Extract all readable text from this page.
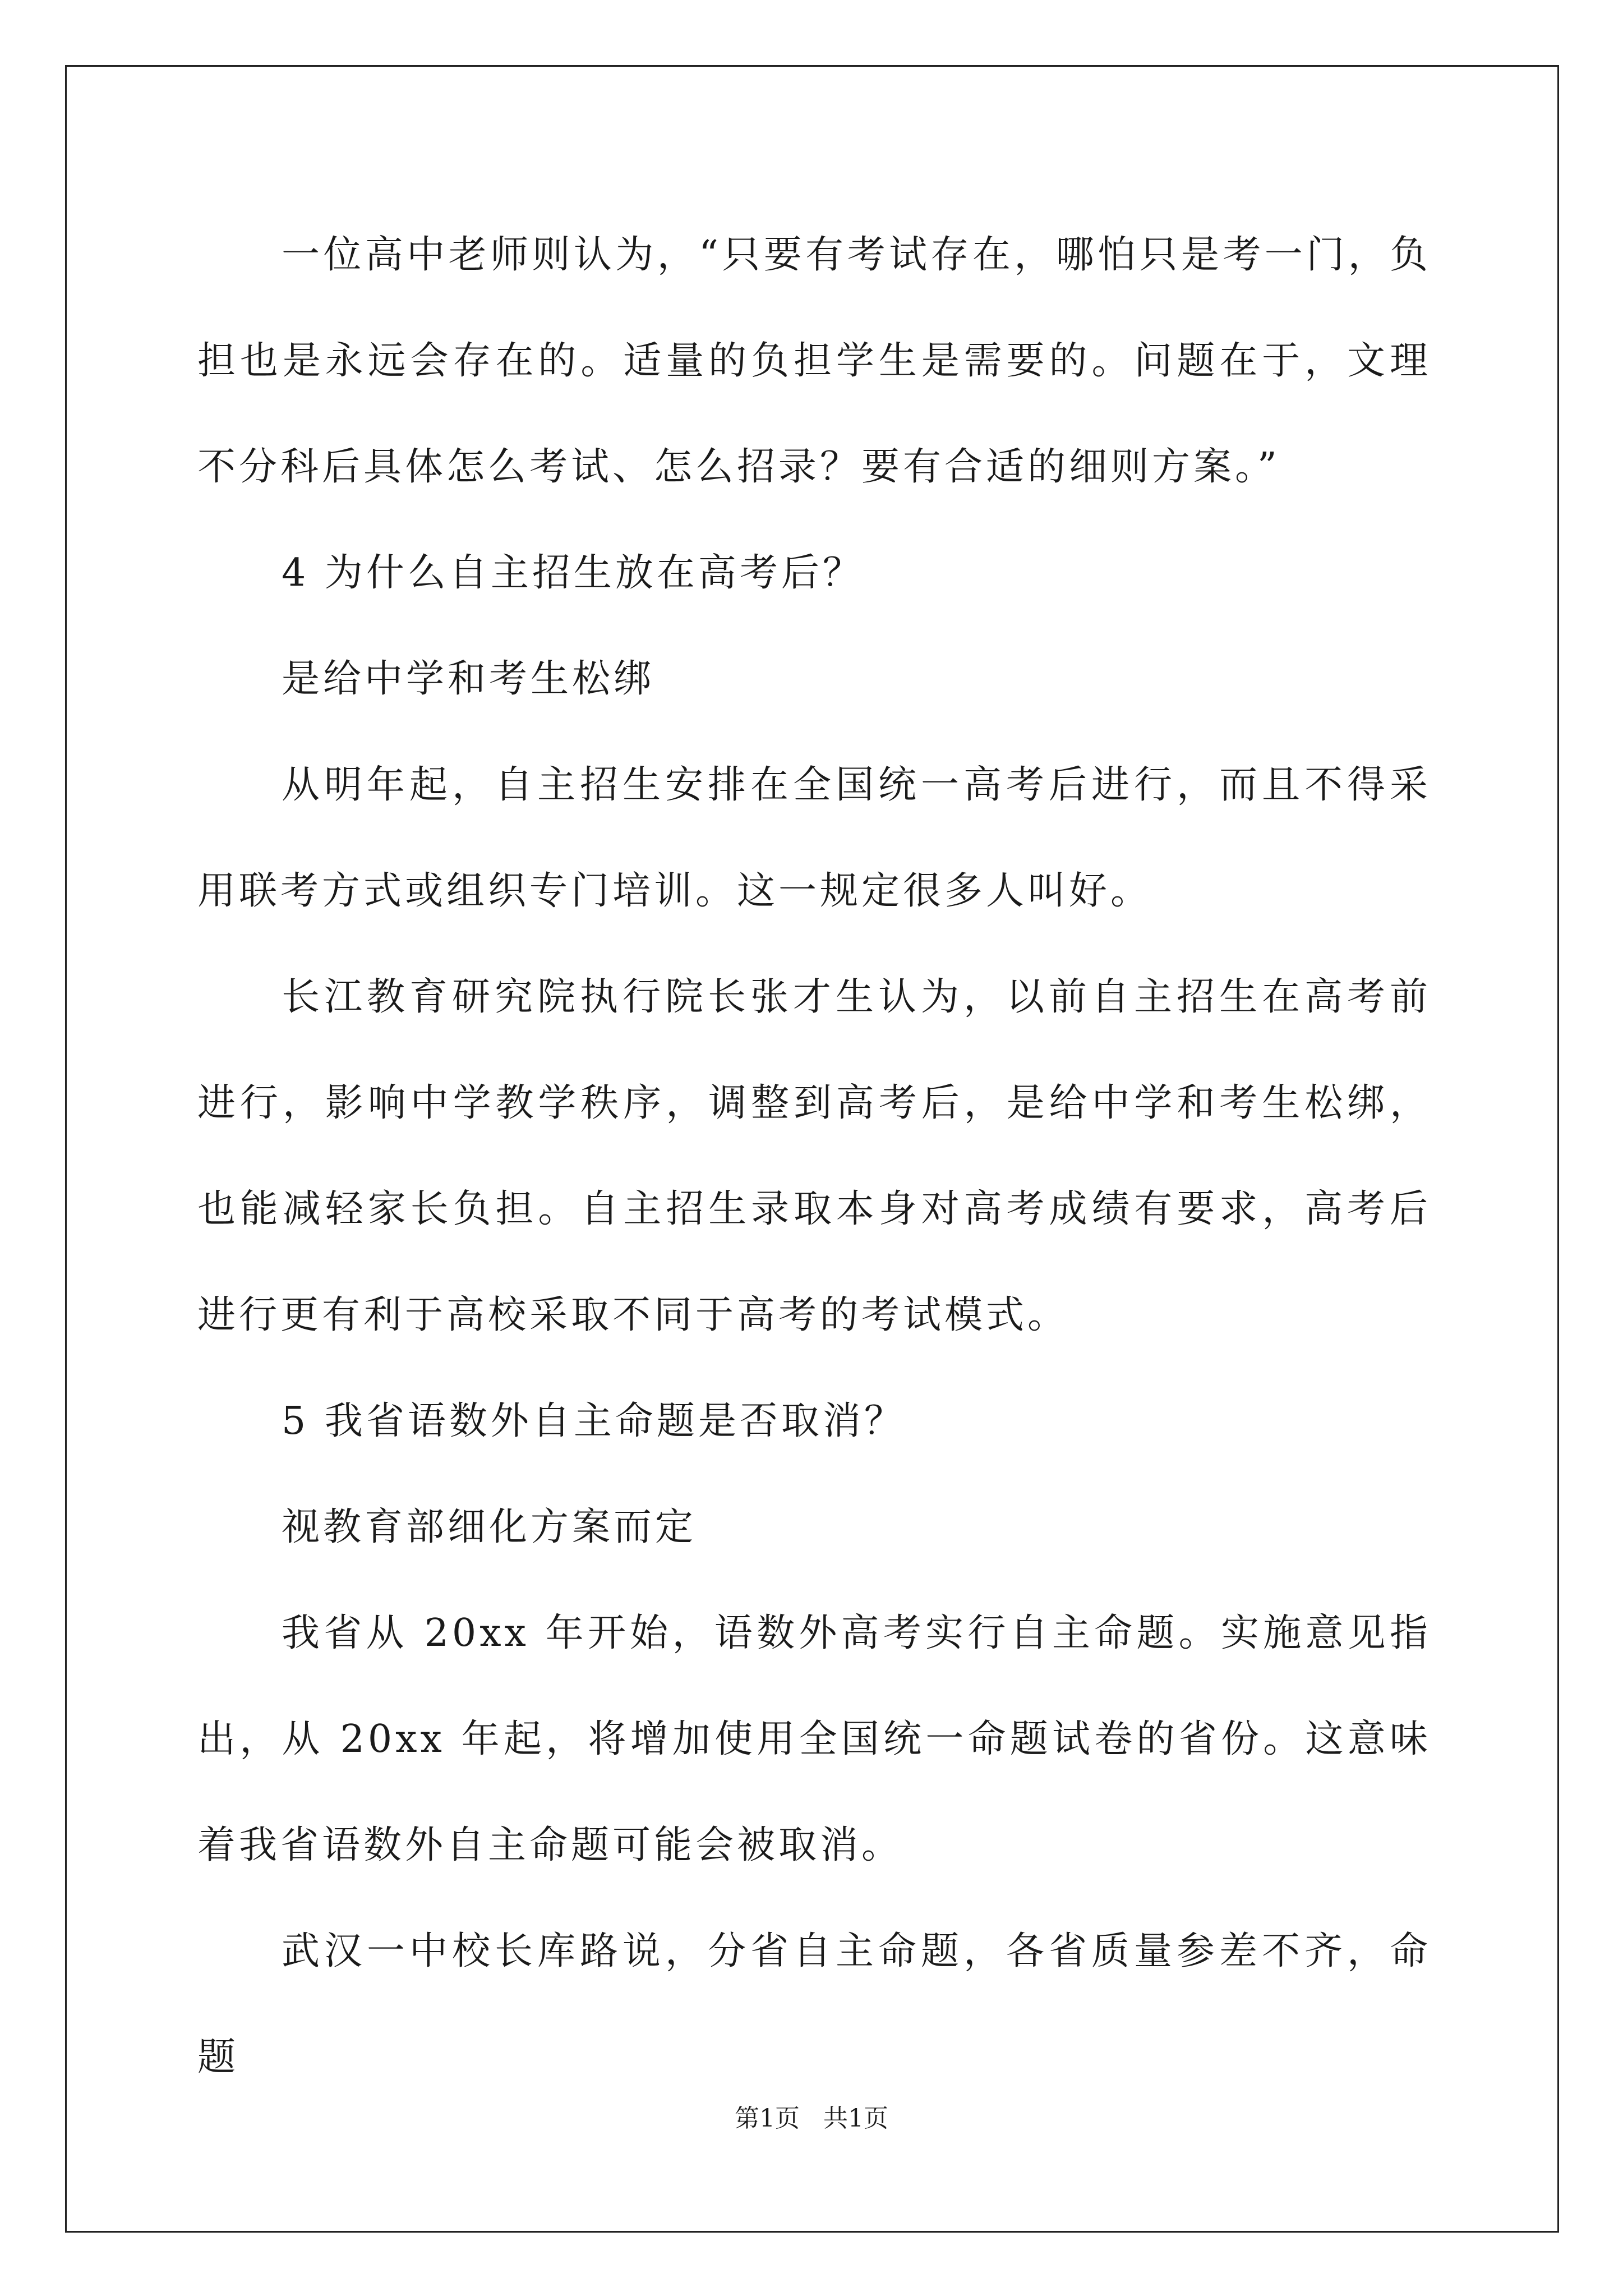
一位高中老师则认为，“只要有考试存在，哪怕只是考一门，负担也是永远会存在的。适量的负担学生是需要的。问题在于，文理不分科后具体怎么考试、怎么招录？要有合适的细则方案。”

4 为什么自主招生放在高考后？

是给中学和考生松绑

从明年起，自主招生安排在全国统一高考后进行，而且不得采用联考方式或组织专门培训。这一规定很多人叫好。

长江教育研究院执行院长张才生认为，以前自主招生在高考前进行，影响中学教学秩序，调整到高考后，是给中学和考生松绑，也能减轻家长负担。自主招生录取本身对高考成绩有要求，高考后进行更有利于高校采取不同于高考的考试模式。

5 我省语数外自主命题是否取消？

视教育部细化方案而定

我省从 20xx 年开始，语数外高考实行自主命题。实施意见指出，从 20xx 年起，将增加使用全国统一命题试卷的省份。这意味着我省语数外自主命题可能会被取消。

武汉一中校长库路说，分省自主命题，各省质量参差不齐，命题

第1页 共1页
